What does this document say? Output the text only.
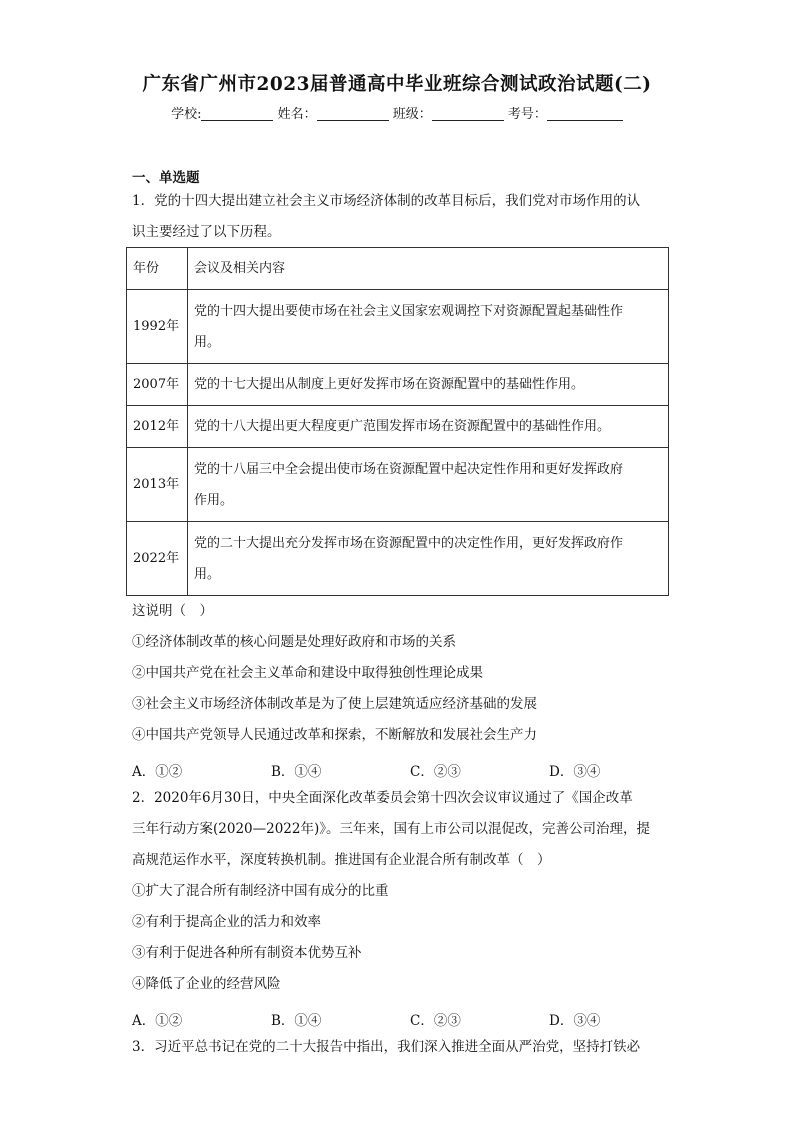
广东省广州市2023届普通高中毕业班综合测试政治试题(二)
学校:	姓名：	班级：	考号：
一、单选题
1．党的十四大提出建立社会主义市场经济体制的改革目标后，我们党对市场作用的认
识主要经过了以下历程。
年份	会议及相关内容
1992年	党的十四大提出要使市场在社会主义国家宏观调控下对资源配置起基础性作
用。

2007年	党的十七大提出从制度上更好发挥市场在资源配置中的基础性作用。
2012年	党的十八大提出更大程度更广范围发挥市场在资源配置中的基础性作用。
2013年	党的十八届三中全会提出使市场在资源配置中起决定性作用和更好发挥政府
作用。

2022年	党的二十大提出充分发挥市场在资源配置中的决定性作用，更好发挥政府作
用。
这说明（　）
①经济体制改革的核心问题是处理好政府和市场的关系
②中国共产党在社会主义革命和建设中取得独创性理论成果
③社会主义市场经济体制改革是为了使上层建筑适应经济基础的发展
④中国共产党领导人民通过改革和探索，不断解放和发展社会生产力
A．①②	B．①④	C．②③	D．③④
2．2020年6月30日，中央全面深化改革委员会第十四次会议审议通过了《国企改革
三年行动方案(2020—2022年)》。三年来，国有上市公司以混促改，完善公司治理，提
高规范运作水平，深度转换机制。推进国有企业混合所有制改革（　）
①扩大了混合所有制经济中国有成分的比重
②有利于提高企业的活力和效率
③有利于促进各种所有制资本优势互补
④降低了企业的经营风险
A．①②	B．①④	C．②③	D．③④
3．习近平总书记在党的二十大报告中指出，我们深入推进全面从严治党，坚持打铁必
